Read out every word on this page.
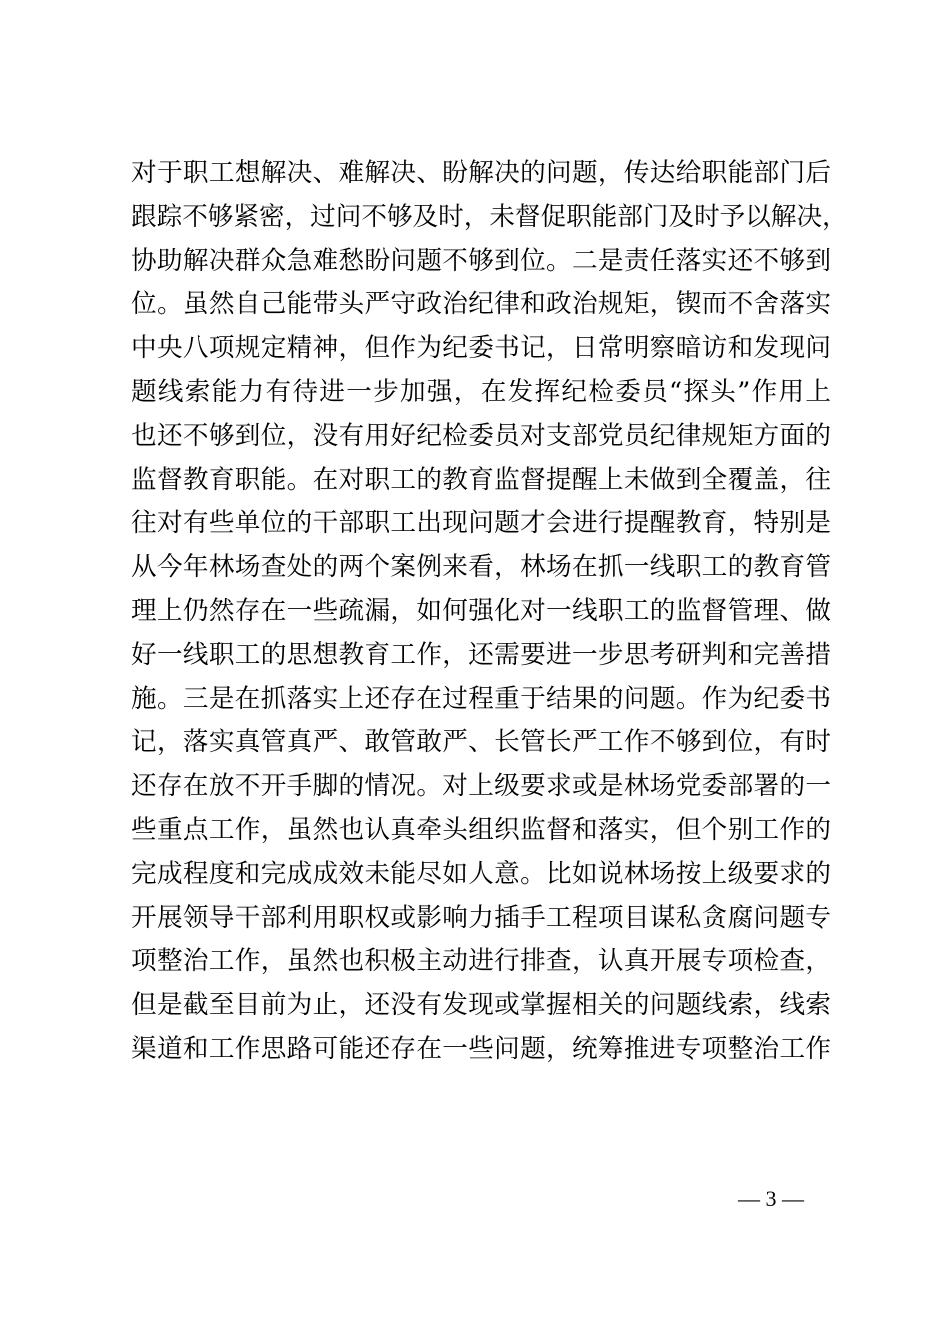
对于职工想解决、难解决、盼解决的问题，传达给职能部门后
跟踪不够紧密，过问不够及时，未督促职能部门及时予以解决，
协助解决群众急难愁盼问题不够到位。二是责任落实还不够到
位。虽然自己能带头严守政治纪律和政治规矩，锲而不舍落实
中央八项规定精神，但作为纪委书记，日常明察暗访和发现问
题线索能力有待进一步加强，在发挥纪检委员“探头”作用上
也还不够到位，没有用好纪检委员对支部党员纪律规矩方面的
监督教育职能。在对职工的教育监督提醒上未做到全覆盖，往
往对有些单位的干部职工出现问题才会进行提醒教育，特别是
从今年林场查处的两个案例来看，林场在抓一线职工的教育管
理上仍然存在一些疏漏，如何强化对一线职工的监督管理、做
好一线职工的思想教育工作，还需要进一步思考研判和完善措
施。三是在抓落实上还存在过程重于结果的问题。作为纪委书
记，落实真管真严、敢管敢严、长管长严工作不够到位，有时
还存在放不开手脚的情况。对上级要求或是林场党委部署的一
些重点工作，虽然也认真牵头组织监督和落实，但个别工作的
完成程度和完成成效未能尽如人意。比如说林场按上级要求的
开展领导干部利用职权或影响力插手工程项目谋私贪腐问题专
项整治工作，虽然也积极主动进行排查，认真开展专项检查，
但是截至目前为止，还没有发现或掌握相关的问题线索，线索
渠道和工作思路可能还存在一些问题，统筹推进专项整治工作
— 3 —
